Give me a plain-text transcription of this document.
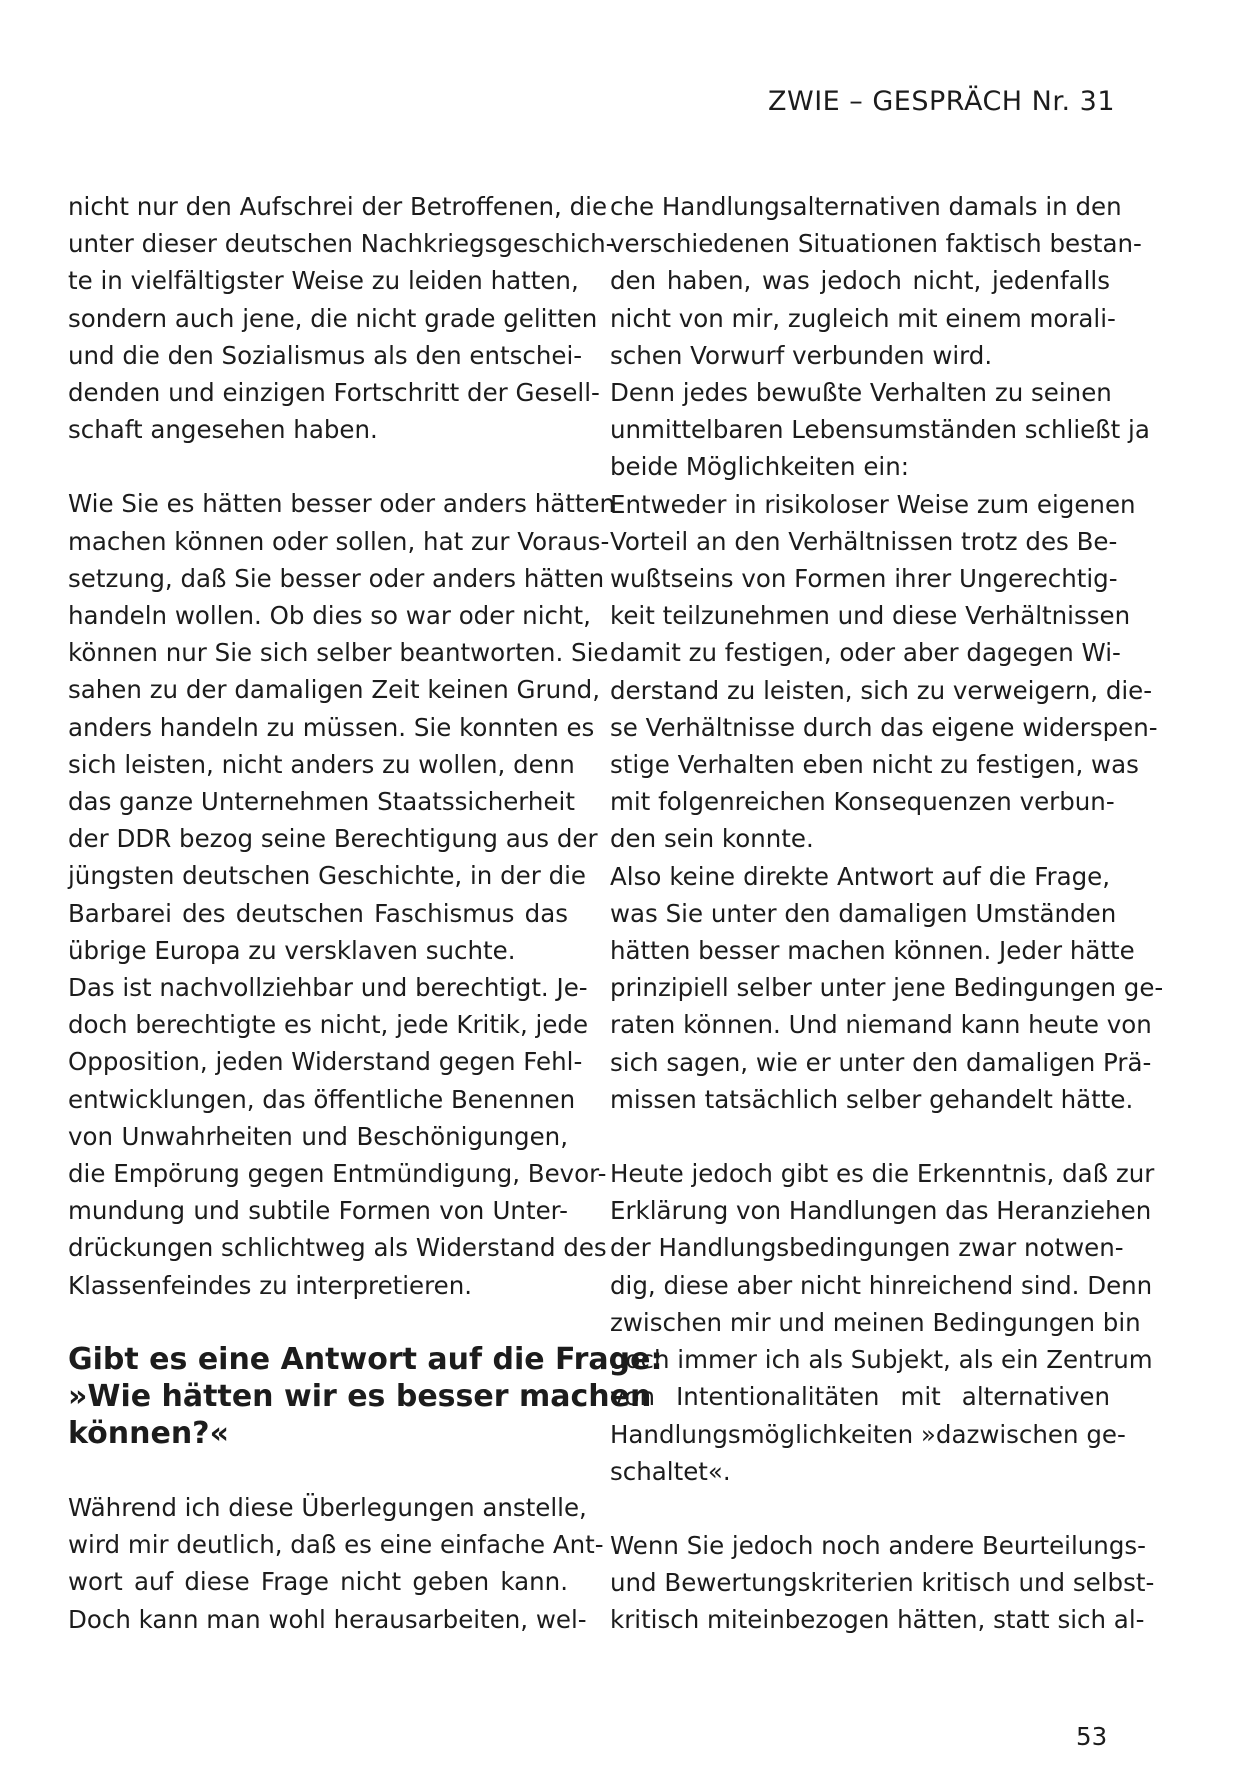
ZWIE – GESPRÄCH Nr. 31

nicht nur den Aufschrei der Betroffenen, die
unter dieser deutschen Nachkriegsgeschich-
te in vielfältigster Weise zu leiden hatten,
sondern auch jene, die nicht grade gelitten
und die den Sozialismus als den entschei-
denden und einzigen Fortschritt der Gesell-
schaft angesehen haben.

Wie Sie es hätten besser oder anders hätten
machen können oder sollen, hat zur Voraus-
setzung, daß Sie besser oder anders hätten
handeln wollen. Ob dies so war oder nicht,
können nur Sie sich selber beantworten. Sie
sahen zu der damaligen Zeit keinen Grund,
anders handeln zu müssen. Sie konnten es
sich leisten, nicht anders zu wollen, denn
das ganze Unternehmen Staatssicherheit
der DDR bezog seine Berechtigung aus der
jüngsten deutschen Geschichte, in der die
Barbarei des deutschen Faschismus das
übrige Europa zu versklaven suchte.

Das ist nachvollziehbar und berechtigt. Je-
doch berechtigte es nicht, jede Kritik, jede
Opposition, jeden Widerstand gegen Fehl-
entwicklungen, das öffentliche Benennen
von Unwahrheiten und Beschönigungen,
die Empörung gegen Entmündigung, Bevor-
mundung und subtile Formen von Unter-
drückungen schlichtweg als Widerstand des
Klassenfeindes zu interpretieren.

Gibt es eine Antwort auf die Frage:
»Wie hätten wir es besser machen
können?«

Während ich diese Überlegungen anstelle,
wird mir deutlich, daß es eine einfache Ant-
wort auf diese Frage nicht geben kann.
Doch kann man wohl herausarbeiten, wel-

che Handlungsalternativen damals in den
verschiedenen Situationen faktisch bestan-
den haben, was jedoch nicht, jedenfalls
nicht von mir, zugleich mit einem morali-
schen Vorwurf verbunden wird.

Denn jedes bewußte Verhalten zu seinen
unmittelbaren Lebensumständen schließt ja
beide Möglichkeiten ein:

Entweder in risikoloser Weise zum eigenen
Vorteil an den Verhältnissen trotz des Be-
wußtseins von Formen ihrer Ungerechtig-
keit teilzunehmen und diese Verhältnissen
damit zu festigen, oder aber dagegen Wi-
derstand zu leisten, sich zu verweigern, die-
se Verhältnisse durch das eigene widerspen-
stige Verhalten eben nicht zu festigen, was
mit folgenreichen Konsequenzen verbun-
den sein konnte.

Also keine direkte Antwort auf die Frage,
was Sie unter den damaligen Umständen
hätten besser machen können. Jeder hätte
prinzipiell selber unter jene Bedingungen ge-
raten können. Und niemand kann heute von
sich sagen, wie er unter den damaligen Prä-
missen tatsächlich selber gehandelt hätte.

Heute jedoch gibt es die Erkenntnis, daß zur
Erklärung von Handlungen das Heranziehen
der Handlungsbedingungen zwar notwen-
dig, diese aber nicht hinreichend sind. Denn
zwischen mir und meinen Bedingungen bin
noch immer ich als Subjekt, als ein Zentrum
von Intentionalitäten mit alternativen
Handlungsmöglichkeiten »dazwischen ge-
schaltet«.

Wenn Sie jedoch noch andere Beurteilungs-
und Bewertungskriterien kritisch und selbst-
kritisch miteinbezogen hätten, statt sich al-

53
